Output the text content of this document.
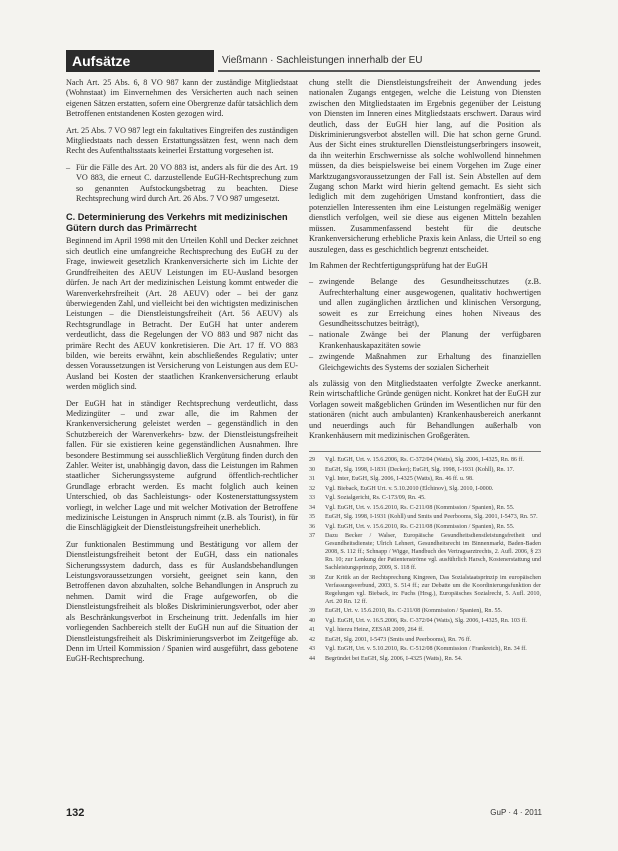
Aufsätze	Vießmann · Sachleistungen innerhalb der EU

Nach Art. 25 Abs. 6, 8 VO 987 kann der zuständige Mitgliedstaat (Wohnstaat) im Einvernehmen des Versicherten auch nach seinen eigenen Sätzen erstatten, sofern eine Obergrenze dafür tatsächlich dem Betroffenen entstandenen Kosten gezogen wird.

Art. 25 Abs. 7 VO 987 legt ein fakultatives Eingreifen des zuständigen Mitgliedstaats nach dessen Erstattungssätzen fest, wenn nach dem Recht des Aufenthaltsstaats keinerlei Erstattung vorgesehen ist.

– Für die Fälle des Art. 20 VO 883 ist, anders als für die des Art. 19 VO 883, die erneut C. darzustellende EuGH-Rechtsprechung zum so genannten Aufstockungsbetrag zu beachten. Diese Rechtsprechung wird durch Art. 26 Abs. 7 VO 987 umgesetzt.
C. Determinierung des Verkehrs mit medizinischen Gütern durch das Primärrecht

Beginnend im April 1998 mit den Urteilen Kohll und Decker zeichnet sich deutlich eine umfangreiche Rechtsprechung des EuGH zu der Frage, inwieweit gesetzlich Krankenversicherte sich im Lichte der Grundfreiheiten des AEUV Leistungen im EU-Ausland besorgen dürfen. Je nach Art der medizinischen Leistung kommt entweder die Warenverkehrsfreiheit (Art. 28 AEUV) oder – bei der ganz überwiegenden Zahl, und vielleicht bei den wichtigsten medizinischen Leistungen – die Dienstleistungsfreiheit (Art. 56 AEUV) als Rechtsgrundlage in Betracht. Der EuGH hat unter anderem verdeutlicht, dass die Regelungen der VO 883 und 987 nicht das primäre Recht des AEUV konkretisieren. Die Art. 17 ff. VO 883 bilden, wie bereits erwähnt, kein abschließendes Regulativ; unter dessen Voraussetzungen ist Versicherung von Leistungen aus dem EU-Ausland bei Kosten der staatlichen Krankenversicherung erlaubt werden möglich sind.

Der EuGH hat in ständiger Rechtsprechung verdeutlicht, dass Medizingüter – und zwar alle, die im Rahmen der Krankenversicherung geleistet werden – gegenständlich in den Schutzbereich der Warenverkehrs- bzw. der Dienstleistungsfreiheit fallen. Für sie existieren keine gegenständlichen Ausnahmen. Ihre besondere Bestimmung sei ausschließlich Vergütung finden durch den Zahler. Weiter ist, unabhängig davon, dass die Leistungen im Rahmen staatlicher Sicherungssysteme aufgrund öffentlich-rechtlicher Grundlage erbracht werden. Es macht folglich auch keinen Unterschied, ob das Sachleistungs- oder Kostenerstattungssystem vorliegt, in welcher Lage und mit welcher Motivation der Betroffene medizinische Leistungen in Anspruch nimmt (z.B. als Tourist), in für die Einschlägigkeit der Dienstleistungsfreiheit unerheblich.

Zur funktionalen Bestimmung und Bestätigung vor allem der Dienstleistungsfreiheit betont der EuGH, dass ein nationales Sicherungssystem dadurch, dass es für Auslandsbehandlungen Leistungsvoraussetzungen vorsieht, geeignet sein kann, den Betroffenen davon abzuhalten, solche Behandlungen in Anspruch zu nehmen. Damit wird die Frage aufgeworfen, ob die Dienstleistungsfreiheit als bloßes Diskriminierungsverbot, oder aber als Beschränkungsverbot in Erscheinung tritt. Jedenfalls im hier vorliegenden Sachbereich stellt der EuGH nun auf die Situation der Dienstleistungsfreiheit als Diskriminierungsverbot im Zeitgefüge ab. Denn im Urteil Kommission / Spanien wird ausgeführt, dass gebotene EuGH-Rechtsprechung.

chung stellt die Dienstleistungsfreiheit der Anwendung jedes nationalen Zugangs entgegen, welche die Leistung von Diensten zwischen den Mitgliedstaaten im Ergebnis gegenüber der Leistung von Diensten im Inneren eines Mitgliedstaats erschwert. Daraus wird deutlich, dass der EuGH hier lang, auf die Position als Diskriminierungsverbot abstellen will. Die hat schon gerne Grund. Aus der Sicht eines strukturellen Dienstleistungserbringers insoweit, da ihn weiterhin Erschwernisse als solche wohlwollend hinnehmen müssen, da dies beispielsweise bei einem Vorgehen im Zuge einer Marktzugangsvoraussetzungen der Fall ist. Sein Abstellen auf dem Zugang schon Markt wird hierin geltend gemacht. Es sieht sich lediglich mit dem zugehörigen Umstand konfrontiert, dass die potenziellen Interessenten ihm eine Leistungen regelmäßig weniger dienstlich verfolgen, weil sie diese aus eigenen Mitteln bezahlen müssen. Zusammenfassend besteht für die deutsche Krankenversicherung erhebliche Praxis kein Anlass, die Urteil so eng auszulegen, dass es geschichtlich begrenzt entscheidet.

Im Rahmen der Rechtfertigungsprüfung hat der EuGH

– zwingende Belange des Gesundheitsschutzes (z.B. Aufrechterhaltung einer ausgewogenen, qualitativ hochwertigen und allen zugänglichen ärztlichen und klinischen Versorgung, soweit es zur Erreichung eines hohen Niveaus des Gesundheitsschutzes beiträgt),
– nationale Zwänge bei der Planung der verfügbaren Krankenhauskapazitäten sowie
– zwingende Maßnahmen zur Erhaltung des finanziellen Gleichgewichts des Systems der sozialen Sicherheit

als zulässig von den Mitgliedstaaten verfolgte Zwecke anerkannt. Rein wirtschaftliche Gründe genügen nicht. Konkret hat der EuGH zur Vorlagen soweit maßgeblichen Gründen im Wesentlichen nur für den stationären (nicht auch ambulanten) Krankenhausbereich anerkannt und neuerdings auch für Behandlungen außerhalb von Krankenhäusern mit medizinischen Großgeräten.

29	Vgl. EuGH, Urt. v. 15.6.2006, Rs. C-372/04 (Watts), Slg. 2006, I-4325, Rn. 86 ff.
30	EuGH, Slg. 1998, I-1831 (Decker); EuGH, Slg. 1998, I-1931 (Kohll), Rn. 17.
31	Vgl. Inter, EuGH, Slg. 2006, I-4325 (Watts), Rn. 46 ff. u. 98.
32	Vgl. Bieback, EuGH Urt. v. 5.10.2010 (Elchinov), Slg. 2010, I-0000.
33	Vgl. Sozialgericht, Rs. C-173/09, Rn. 45.
34	Vgl. EuGH, Urt. v. 15.6.2010, Rs. C-211/08 (Kommission / Spanien), Rn. 55.
35	EuGH, Slg. 1998, I-1931 (Kohll) und Smits und Peerbooms, Slg. 2001, I-5473, Rn. 57.
36	Vgl. EuGH, Urt. v. 15.6.2010, Rs. C-211/08 (Kommission / Spanien), Rn. 55.
37	Dazu Becker / Walser, Europäische Gesundheitsdienstleistungsfreiheit und Gesundheitsdienste; Ulrich Lehnert, Gesundheitsrecht im Binnenmarkt, Baden-Baden 2008, S. 112 ff.; Schnapp / Wigge, Handbuch des Vertragsarztrechts, 2. Aufl. 2006, § 23 Rn. 10; zur Lenkung der Patientenströme vgl. ausführlich Harsch, Kostenerstattung und Sachleistungsprinzip, 2009, S. 118 ff.
38	Zur Kritik an der Rechtsprechung Kingreen, Das Sozialstaatsprinzip im europäischen Verfassungsverbund, 2003, S. 514 ff.; zur Debatte um die Koordinierungsfunktion der Regelungen vgl. Bieback, in: Fuchs (Hrsg.), Europäisches Sozialrecht, 5. Aufl. 2010, Art. 20 Rn. 12 ff.
39	EuGH, Urt. v. 15.6.2010, Rs. C-211/08 (Kommission / Spanien), Rn. 55.
40	Vgl. EuGH, Urt. v. 16.5.2006, Rs. C-372/04 (Watts), Slg. 2006, I-4325, Rn. 103 ff.
41	Vgl. hierzu Heinz, ZESAR 2009, 264 ff.
42	EuGH, Slg. 2001, I-5473 (Smits und Peerbooms), Rn. 76 ff.
43	Vgl. EuGH, Urt. v. 5.10.2010, Rs. C-512/08 (Kommission / Frankreich), Rn. 34 ff.
44	Begründet bei EuGH, Slg. 2006, I-4325 (Watts), Rn. 54.
132	GuP · 4 · 2011
